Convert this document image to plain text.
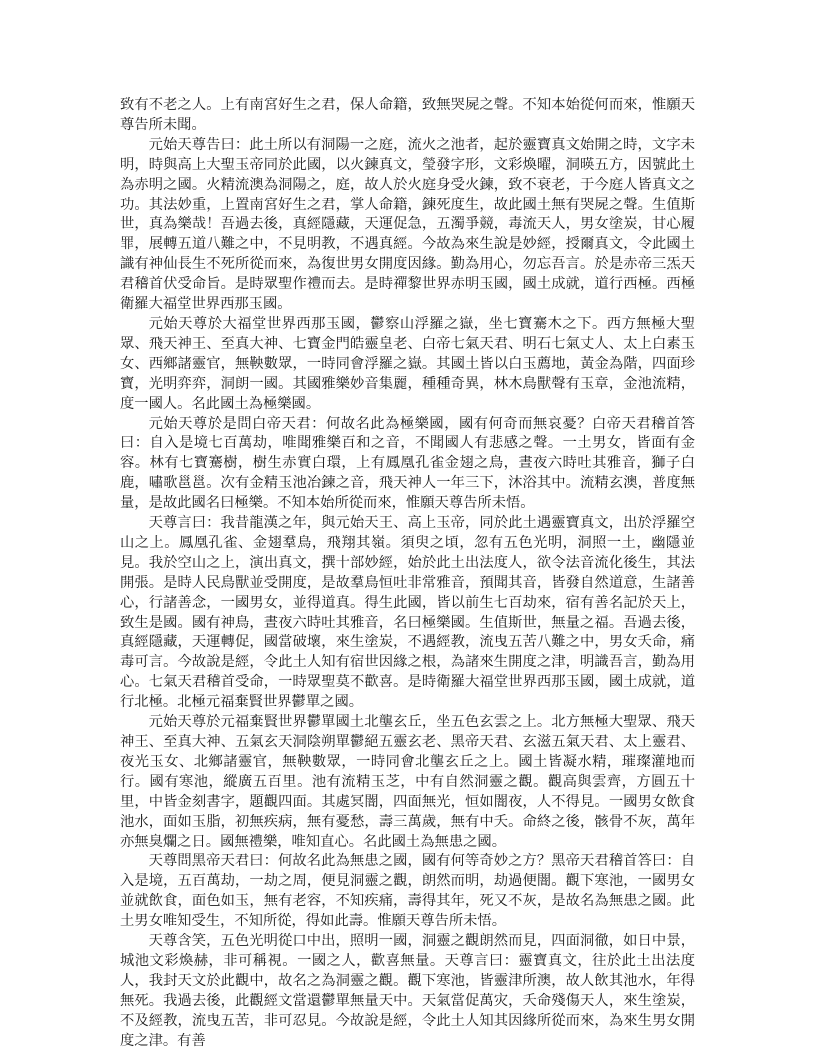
致有不老之人。上有南宮好生之君，保人命籍，致無哭屍之聲。不知本始從何而來，惟願天尊告所未聞。

元始天尊告曰：此土所以有洞陽一之庭，流火之池者，起於靈寶真文始開之時，文字未明，時與高上大聖玉帝同於此國，以火鍊真文，瑩發字形，文彩煥曜，洞暎五方，因號此土為赤明之國。火精流澳為洞陽之，庭，故人於火庭身受火鍊，致不衰老，于今庭人皆真文之功。其法妙重，上置南宮好生之君，掌人命籍，鍊死度生，故此國土無有哭屍之聲。生值斯世，真為樂哉！吾過去後，真經隱藏，天運促急，五濁爭競，毒流天人，男女塗炭，甘心履罪，展轉五道八難之中，不見明教，不遇真經。今故為來生說是妙經，授爾真文，令此國土識有神仙長生不死所從而來，為復世男女開度因緣。勤為用心，勿忘吾言。於是赤帝三炁天君稽首伏受命旨。是時眾聖作禮而去。是時禪黎世界赤明玉國，國土成就，道行西極。西極衛羅大福堂世界西那玉國。

元始天尊於大福堂世界西那玉國，鬱察山浮羅之嶽，坐七寶騫木之下。西方無極大聖眾、飛天神王、至真大神、七寶金門皓靈皇老、白帝七氣天君、明石七氣丈人、太上白素玉女、西鄉諸靈官，無鞅數眾，一時同會浮羅之嶽。其國土皆以白玉薦地，黃金為階，四面珍寶，光明弈弈，洞朗一國。其國雅樂妙音集麗，種種奇異，林木鳥獸聲有玉章，金池流精，度一國人。名此國土為極樂國。

元始天尊於是問白帝天君：何故名此為極樂國，國有何奇而無哀憂？白帝天君稽首答曰：自入是境七百萬劫，唯聞雅樂百和之音，不聞國人有悲感之聲。一土男女，皆面有金容。林有七寶騫樹，樹生赤實白環，上有鳳凰孔雀金翅之鳥，晝夜六時吐其雅音，獅子白鹿，嘯歌邕邕。次有金精玉池冶鍊之音，飛天神人一年三下，沐浴其中。流精玄澳，普度無量，是故此國名曰極樂。不知本始所從而來，惟願天尊告所未悟。

天尊言曰：我昔龍漢之年，與元始天王、高上玉帝，同於此土遇靈寶真文，出於浮羅空山之上。鳳凰孔雀、金翅羣鳥，飛翔其嶺。須臾之頃，忽有五色光明，洞照一土，幽隱並見。我於空山之上，演出真文，撰十部妙經，始於此土出法度人，欲令法音流化後生，其法開張。是時人民鳥獸並受開度，是故羣鳥恒吐非常雅音，預聞其音，皆發自然道意，生諸善心，行諸善念，一國男女，並得道真。得生此國，皆以前生七百劫來，宿有善名記於天上，致生是國。國有神鳥，晝夜六時吐其雅音，名曰極樂國。生值斯世，無量之福。吾過去後，真經隱藏，天運轉促，國當破壞，來生塗炭，不遇經教，流曳五苦八難之中，男女夭命，痛毒可言。今故說是經，令此土人知有宿世因緣之根，為諸來生開度之津，明識吾言，勤為用心。七氣天君稽首受命，一時眾聖莫不歡喜。是時衛羅大福堂世界西那玉國，國土成就，道行北極。北極元福棄賢世界鬱單之國。

元始天尊於元福棄賢世界鬱單國土北壟玄丘，坐五色玄雲之上。北方無極大聖眾、飛天神王、至真大神、五氣玄天洞陰朔單鬱絕五靈玄老、黑帝天君、玄滋五氣天君、太上靈君、夜光玉女、北鄉諸靈官，無鞅數眾，一時同會北壟玄丘之上。國土皆凝水精，璀璨灌地而行。國有寒池，縱廣五百里。池有流精玉芝，中有自然洞靈之觀。觀高與雲齊，方圓五十里，中皆金刻書字，題觀四面。其處冥闇，四面無光，恒如闇夜，人不得見。一國男女飲食池水，面如玉脂，初無疾病，無有憂愁，壽三萬歲，無有中夭。命終之後，骸骨不灰，萬年亦無臭爛之日。國無禮樂，唯知直心。名此國土為無患之國。

天尊問黑帝天君曰：何故名此為無患之國，國有何等奇妙之方？黑帝天君稽首答曰：自入是境，五百萬劫，一劫之周，便見洞靈之觀，朗然而明，劫過便闇。觀下寒池，一國男女並就飲食，面色如玉，無有老容，不知疾痛，壽得其年，死又不灰，是故名為無患之國。此土男女唯知受生，不知所從，得如此壽。惟願天尊告所未悟。

天尊含笑，五色光明從口中出，照明一國，洞靈之觀朗然而見，四面洞徹，如日中景，城池文彩煥赫，非可稱視。一國之人，歡喜無量。天尊言曰：靈寶真文，往於此土出法度人，我封天文於此觀中，故名之為洞靈之觀。觀下寒池，皆靈津所澳，故人飲其池水，年得無死。我過去後，此觀經文當還鬱單無量天中。天氣當促萬灾，夭命殘傷天人，來生塗炭，不及經教，流曳五苦，非可忍見。今故說是經，令此土人知其因緣所從而來，為來生男女開度之津。有善
